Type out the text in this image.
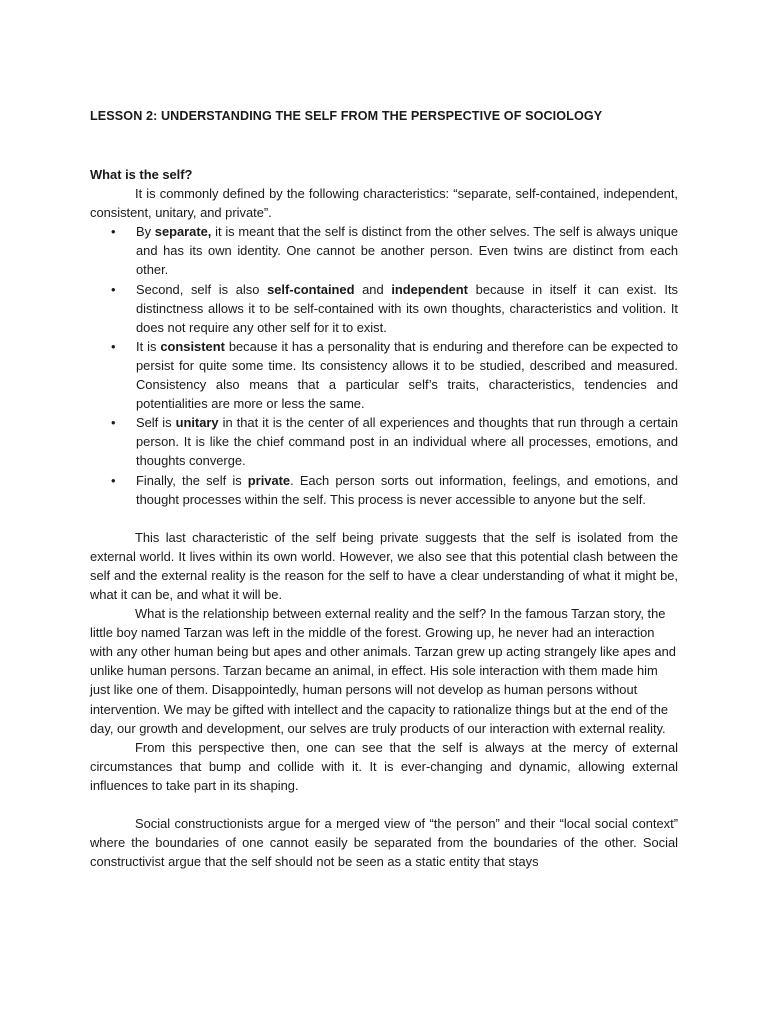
LESSON 2: UNDERSTANDING THE SELF FROM THE PERSPECTIVE OF SOCIOLOGY
What is the self?

It is commonly defined by the following characteristics: “separate, self-contained, independent, consistent, unitary, and private”.

• By separate, it is meant that the self is distinct from the other selves. The self is always unique and has its own identity. One cannot be another person. Even twins are distinct from each other.
• Second, self is also self-contained and independent because in itself it can exist. Its distinctness allows it to be self-contained with its own thoughts, characteristics and volition. It does not require any other self for it to exist.
• It is consistent because it has a personality that is enduring and therefore can be expected to persist for quite some time. Its consistency allows it to be studied, described and measured. Consistency also means that a particular self’s traits, characteristics, tendencies and potentialities are more or less the same.
• Self is unitary in that it is the center of all experiences and thoughts that run through a certain person. It is like the chief command post in an individual where all processes, emotions, and thoughts converge.
• Finally, the self is private. Each person sorts out information, feelings, and emotions, and thought processes within the self. This process is never accessible to anyone but the self.

This last characteristic of the self being private suggests that the self is isolated from the external world. It lives within its own world. However, we also see that this potential clash between the self and the external reality is the reason for the self to have a clear understanding of what it might be, what it can be, and what it will be.

What is the relationship between external reality and the self? In the famous Tarzan story, the little boy named Tarzan was left in the middle of the forest. Growing up, he never had an interaction with any other human being but apes and other animals. Tarzan grew up acting strangely like apes and unlike human persons. Tarzan became an animal, in effect. His sole interaction with them made him just like one of them. Disappointedly, human persons will not develop as human persons without intervention. We may be gifted with intellect and the capacity to rationalize things but at the end of the day, our growth and development, our selves are truly products of our interaction with external reality.

From this perspective then, one can see that the self is always at the mercy of external circumstances that bump and collide with it. It is ever-changing and dynamic, allowing external influences to take part in its shaping.

Social constructionists argue for a merged view of “the person” and their “local social context” where the boundaries of one cannot easily be separated from the boundaries of the other. Social constructivist argue that the self should not be seen as a static entity that stays
